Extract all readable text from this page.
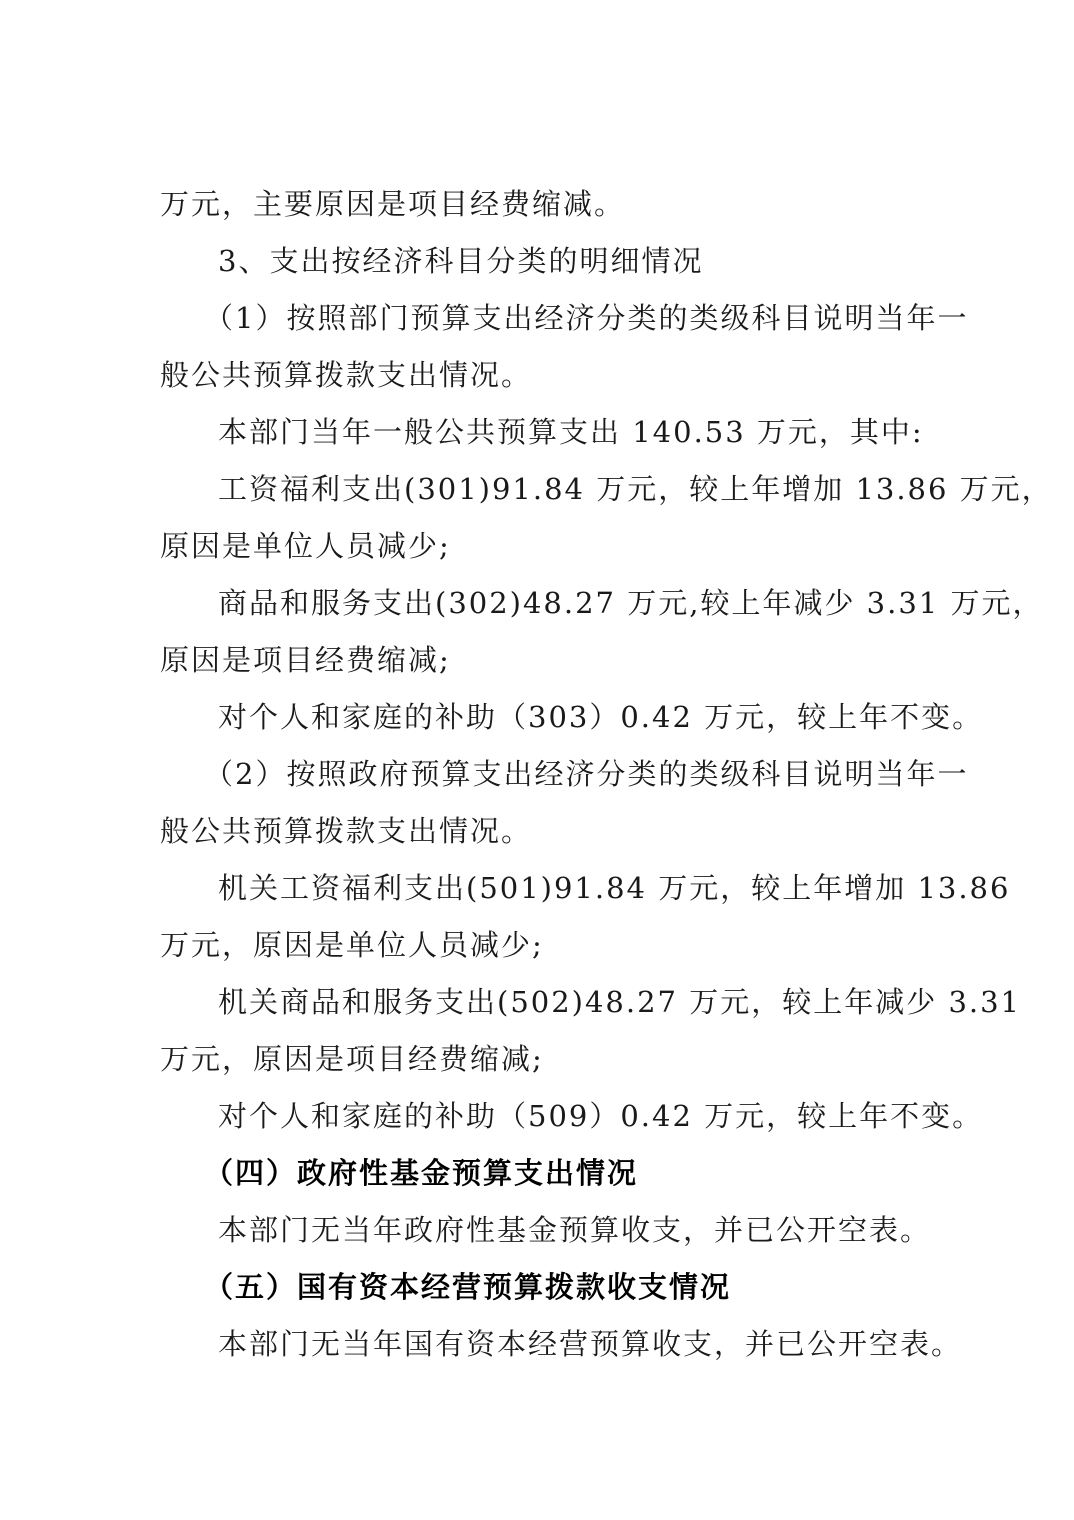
万元，主要原因是项目经费缩减。
3、支出按经济科目分类的明细情况
（1）按照部门预算支出经济分类的类级科目说明当年一
般公共预算拨款支出情况。
本部门当年一般公共预算支出 140.53 万元，其中:
工资福利支出(301)91.84 万元，较上年增加 13.86 万元，
原因是单位人员减少;
商品和服务支出(302)48.27 万元,较上年减少 3.31 万元，
原因是项目经费缩减;
对个人和家庭的补助（303）0.42 万元，较上年不变。
（2）按照政府预算支出经济分类的类级科目说明当年一
般公共预算拨款支出情况。
机关工资福利支出(501)91.84 万元，较上年增加 13.86
万元，原因是单位人员减少;
机关商品和服务支出(502)48.27 万元，较上年减少 3.31
万元，原因是项目经费缩减;
对个人和家庭的补助（509）0.42 万元，较上年不变。
（四）政府性基金预算支出情况
本部门无当年政府性基金预算收支，并已公开空表。
（五）国有资本经营预算拨款收支情况
本部门无当年国有资本经营预算收支，并已公开空表。
